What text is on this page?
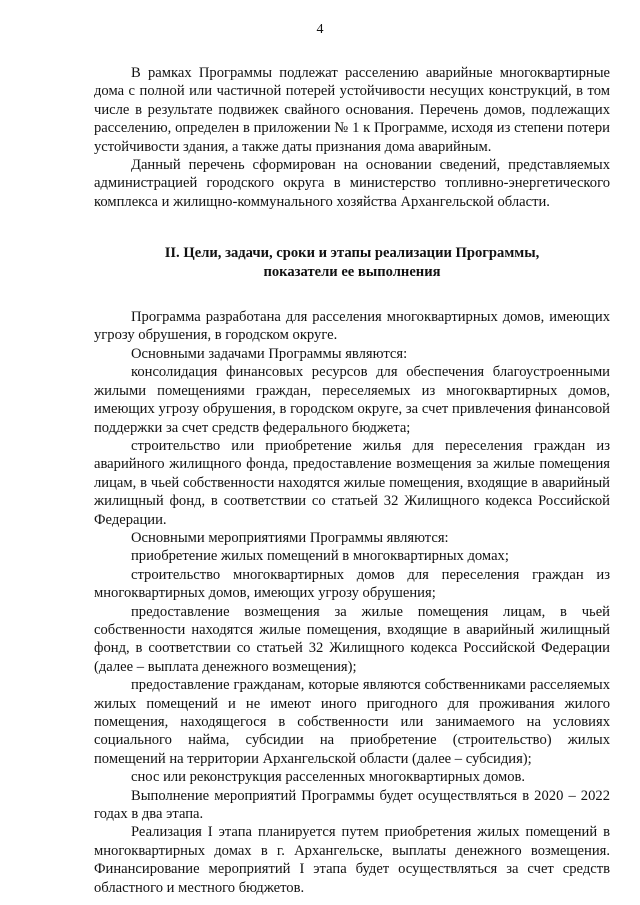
4

В рамках Программы подлежат расселению аварийные многоквартирные дома с полной или частичной потерей устойчивости несущих конструкций, в том числе в результате подвижек свайного основания. Перечень домов, подлежащих расселению, определен в приложении № 1 к Программе, исходя из степени потери устойчивости здания, а также даты признания дома аварийным.

Данный перечень сформирован на основании сведений, представляемых администрацией городского округа в министерство топливно-энергетического комплекса и жилищно-коммунального хозяйства Архангельской области.

II. Цели, задачи, сроки и этапы реализации Программы,
показатели ее выполнения

Программа разработана для расселения многоквартирных домов, имеющих угрозу обрушения, в городском округе.

Основными задачами Программы являются:

консолидация финансовых ресурсов для обеспечения благоустроенными жилыми помещениями граждан, переселяемых из многоквартирных домов, имеющих угрозу обрушения, в городском округе, за счет привлечения финансовой поддержки за счет средств федерального бюджета;

строительство или приобретение жилья для переселения граждан из аварийного жилищного фонда, предоставление возмещения за жилые помещения лицам, в чьей собственности находятся жилые помещения, входящие в аварийный жилищный фонд, в соответствии со статьей 32 Жилищного кодекса Российской Федерации.

Основными мероприятиями Программы являются:

приобретение жилых помещений в многоквартирных домах;

строительство многоквартирных домов для переселения граждан из многоквартирных домов, имеющих угрозу обрушения;

предоставление возмещения за жилые помещения лицам, в чьей собственности находятся жилые помещения, входящие в аварийный жилищный фонд, в соответствии со статьей 32 Жилищного кодекса Российской Федерации (далее – выплата денежного возмещения);

предоставление гражданам, которые являются собственниками расселяемых жилых помещений и не имеют иного пригодного для проживания жилого помещения, находящегося в собственности или занимаемого на условиях социального найма, субсидии на приобретение (строительство) жилых помещений на территории Архангельской области (далее – субсидия);

снос или реконструкция расселенных многоквартирных домов.

Выполнение мероприятий Программы будет осуществляться в 2020 – 2022 годах в два этапа.

Реализация I этапа планируется путем приобретения жилых помещений в многоквартирных домах в г. Архангельске, выплаты денежного возмещения. Финансирование мероприятий I этапа будет осуществляться за счет средств областного и местного бюджетов.
